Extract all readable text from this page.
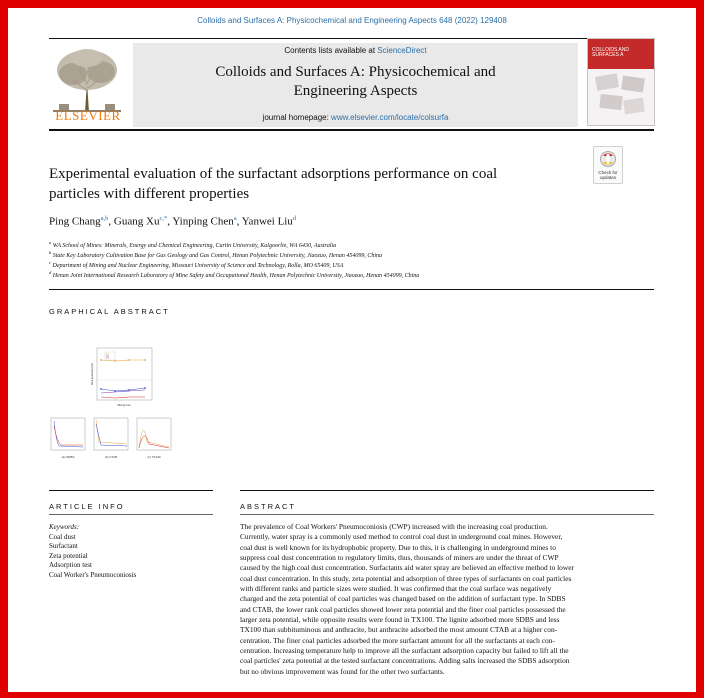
Colloids and Surfaces A: Physicochemical and Engineering Aspects 648 (2022) 129408
ELSEVIER
Contents lists available at ScienceDirect
Colloids and Surfaces A: Physicochemical and
Engineering Aspects
journal homepage: www.elsevier.com/locate/colsurfa
COLLOIDS AND SURFACES A
Experimental evaluation of the surfactant adsorptions performance on coal
particles with different properties
Check for
updates
Ping Chang$^{a,b}$, Guang $Xu^{c,*}$, Yinping Chen$^a$, Yanwei Liu$^d$
$^a$ WA School of Mines: Minerals, Energy and Chemical Engineering, Curtin University, Kalgoorlie, WA 6430, Australia
$^b$ State Key Laboratory Cultivation Base for Gas Geology and Gas Control, Henan Polytechnic University, Jiaozuo, Henan 454099, China
$^c$ Department of Mining and Nuclear Engineering, Missouri University of Science and Technology, Rolla, MO 65409, USA
$^d$ Henan Joint International Research Laboratory of Mine Safety and Occupational Health, Henan Polytechnic University, Jiaozuo, Henan 454099, China
GRAPHICAL ABSTRACT
Mixing time
Zeta potential (mV)
(a) SDBS	(b) CTAB	(c) TX100
ARTICLE INFO	ABSTRACT
Keywords:
Coal dust
Surfactant
Zeta potential
Adsorption test
Coal Worker's Pneumoconiosis
The prevalence of Coal Workers' Pneumoconiosis (CWP) increased with the increasing coal production.
Currently, water spray is a commonly used method to control coal dust in underground coal mines. However,
coal dust is well known for its hydrophobic property. Due to this, it is challenging in underground mines to
suppress coal dust concentration to regulatory limits, thus, thousands of miners are under the threat of CWP
caused by the high coal dust concentration. Surfactants aid water spray are believed an effective method to lower
coal dust concentration. In this study, zeta potential and adsorption of three types of surfactants on coal particles
with different ranks and particle sizes were studied. It was confirmed that the coal surface was negatively
charged and the zeta potential of coal particles was changed based on the addition of surfactant type. In SDBS
and CTAB, the lower rank coal particles showed lower zeta potential and the finer coal particles possessed the
larger zeta potential, while opposite results were found in TX100. The lignite adsorbed more SDBS and less
TX100 than subbituminous and anthracite, but anthracite adsorbed the most amount CTAB at a higher con-
centration. The finer coal particles adsorbed the more surfactant amount for all the surfactants at each con-
centration. Increasing temperature help to improve all the surfactant adsorption capacity but failed to lift all the
coal particles' zeta potential at the tested surfactant concentrations. Adding salts increased the SDBS adsorption
but no obvious improvement was found for the other two surfactants.
